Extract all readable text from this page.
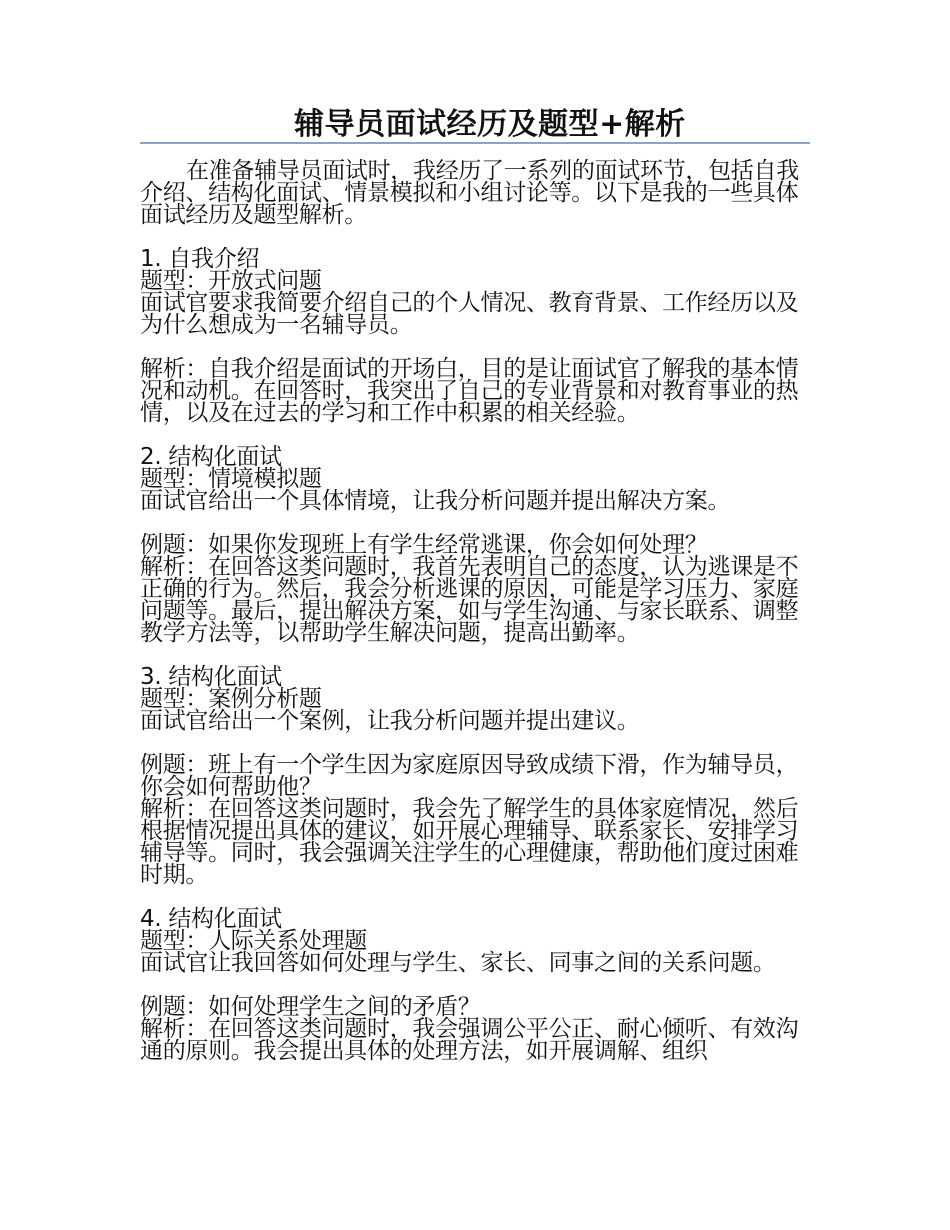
辅导员面试经历及题型+解析

在准备辅导员面试时，我经历了一系列的面试环节，包括自我介绍、结构化面试、情景模拟和小组讨论等。以下是我的一些具体面试经历及题型解析。

1. 自我介绍

题型：开放式问题

面试官要求我简要介绍自己的个人情况、教育背景、工作经历以及为什么想成为一名辅导员。

解析：自我介绍是面试的开场白，目的是让面试官了解我的基本情况和动机。在回答时，我突出了自己的专业背景和对教育事业的热情，以及在过去的学习和工作中积累的相关经验。

2. 结构化面试

题型：情境模拟题

面试官给出一个具体情境，让我分析问题并提出解决方案。

例题：如果你发现班上有学生经常逃课，你会如何处理？

解析：在回答这类问题时，我首先表明自己的态度，认为逃课是不正确的行为。然后，我会分析逃课的原因，可能是学习压力、家庭问题等。最后，提出解决方案，如与学生沟通、与家长联系、调整教学方法等，以帮助学生解决问题，提高出勤率。

3. 结构化面试

题型：案例分析题

面试官给出一个案例，让我分析问题并提出建议。

例题：班上有一个学生因为家庭原因导致成绩下滑，作为辅导员，你会如何帮助他？

解析：在回答这类问题时，我会先了解学生的具体家庭情况，然后根据情况提出具体的建议，如开展心理辅导、联系家长、安排学习辅导等。同时，我会强调关注学生的心理健康，帮助他们度过困难时期。

4. 结构化面试

题型：人际关系处理题

面试官让我回答如何处理与学生、家长、同事之间的关系问题。

例题：如何处理学生之间的矛盾？

解析：在回答这类问题时，我会强调公平公正、耐心倾听、有效沟通的原则。我会提出具体的处理方法，如开展调解、组织
